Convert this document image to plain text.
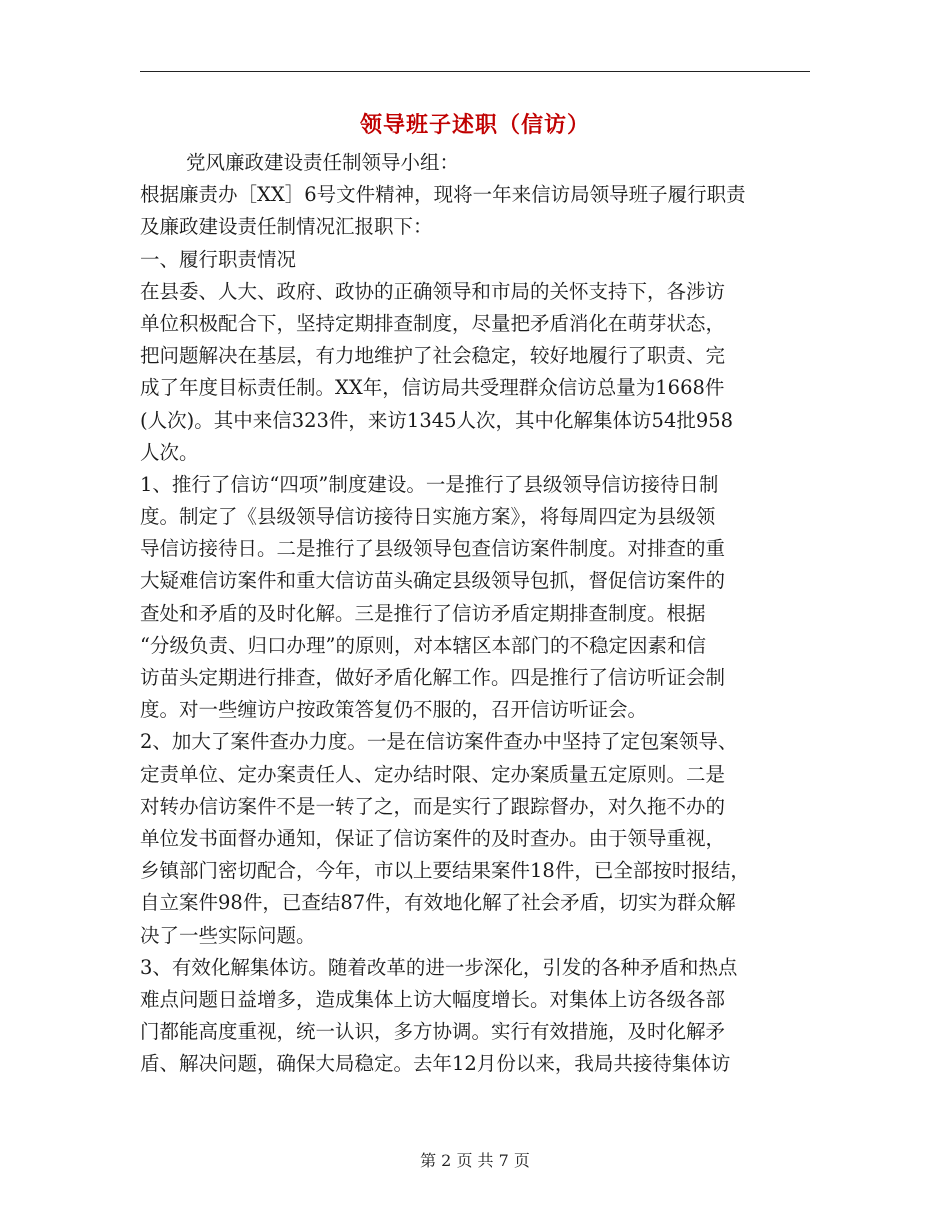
领导班子述职（信访）
党风廉政建设责任制领导小组：
根据廉责办［XX］6号文件精神，现将一年来信访局领导班子履行职责
及廉政建设责任制情况汇报职下：
一、履行职责情况
在县委、人大、政府、政协的正确领导和市局的关怀支持下，各涉访
单位积极配合下，坚持定期排查制度，尽量把矛盾消化在萌芽状态，
把问题解决在基层，有力地维护了社会稳定，较好地履行了职责、完
成了年度目标责任制。XX年，信访局共受理群众信访总量为1668件
(人次)。其中来信323件，来访1345人次，其中化解集体访54批958
人次。
1、推行了信访“四项”制度建设。一是推行了县级领导信访接待日制
度。制定了《县级领导信访接待日实施方案》，将每周四定为县级领
导信访接待日。二是推行了县级领导包查信访案件制度。对排查的重
大疑难信访案件和重大信访苗头确定县级领导包抓，督促信访案件的
查处和矛盾的及时化解。三是推行了信访矛盾定期排查制度。根据
“分级负责、归口办理”的原则，对本辖区本部门的不稳定因素和信
访苗头定期进行排查，做好矛盾化解工作。四是推行了信访听证会制
度。对一些缠访户按政策答复仍不服的，召开信访听证会。
2、加大了案件查办力度。一是在信访案件查办中坚持了定包案领导、
定责单位、定办案责任人、定办结时限、定办案质量五定原则。二是
对转办信访案件不是一转了之，而是实行了跟踪督办，对久拖不办的
单位发书面督办通知，保证了信访案件的及时查办。由于领导重视，
乡镇部门密切配合，今年，市以上要结果案件18件，已全部按时报结，
自立案件98件，已查结87件，有效地化解了社会矛盾，切实为群众解
决了一些实际问题。
3、有效化解集体访。随着改革的进一步深化，引发的各种矛盾和热点
难点问题日益增多，造成集体上访大幅度增长。对集体上访各级各部
门都能高度重视，统一认识，多方协调。实行有效措施，及时化解矛
盾、解决问题，确保大局稳定。去年12月份以来，我局共接待集体访
第 2 页 共 7 页
